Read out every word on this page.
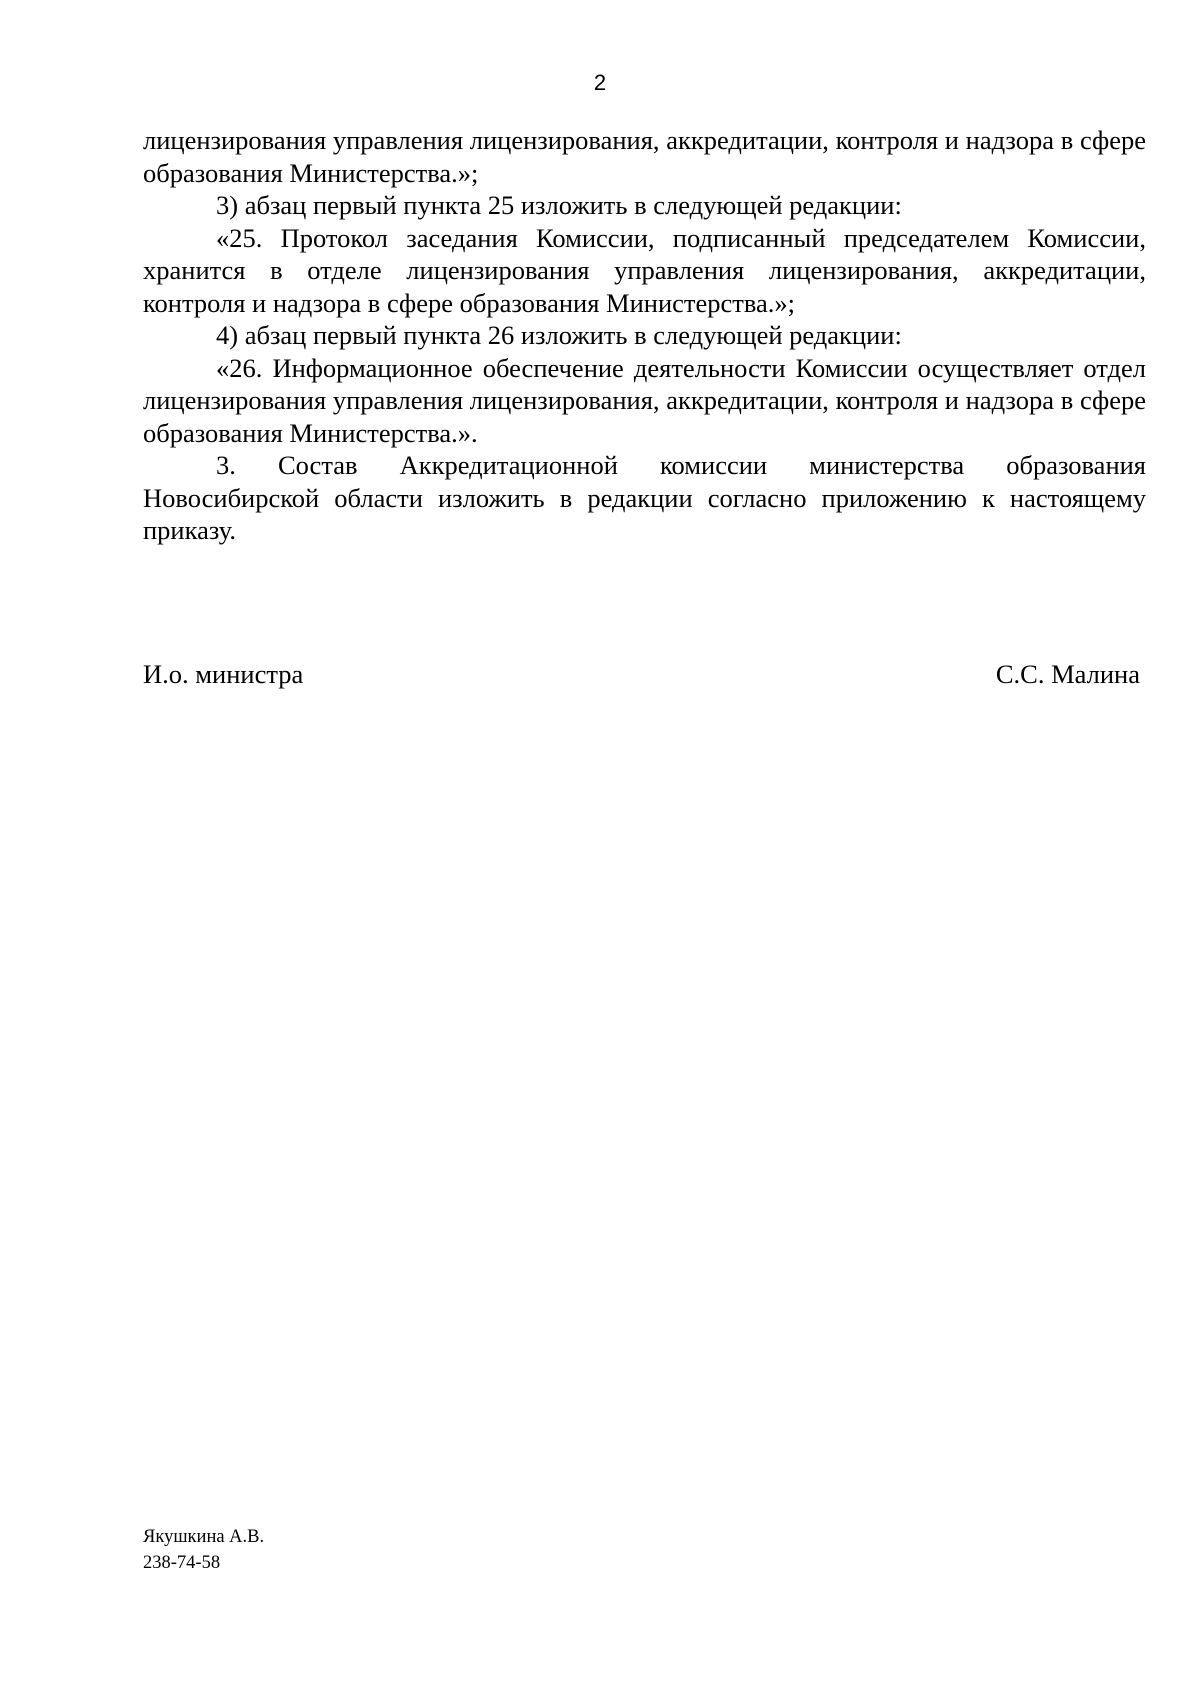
2

лицензирования управления лицензирования, аккредитации, контроля и надзора в сфере образования Министерства.»;

3) абзац первый пункта 25 изложить в следующей редакции:

«25. Протокол заседания Комиссии, подписанный председателем Комиссии, хранится в отделе лицензирования управления лицензирования, аккредитации, контроля и надзора в сфере образования Министерства.»;

4) абзац первый пункта 26 изложить в следующей редакции:

«26. Информационное обеспечение деятельности Комиссии осуществляет отдел лицензирования управления лицензирования, аккредитации, контроля и надзора в сфере образования Министерства.».

3. Состав Аккредитационной комиссии министерства образования Новосибирской области изложить в редакции согласно приложению к настоящему приказу.

И.о. министра	С.С. Малина
Якушкина А.В.
238-74-58
